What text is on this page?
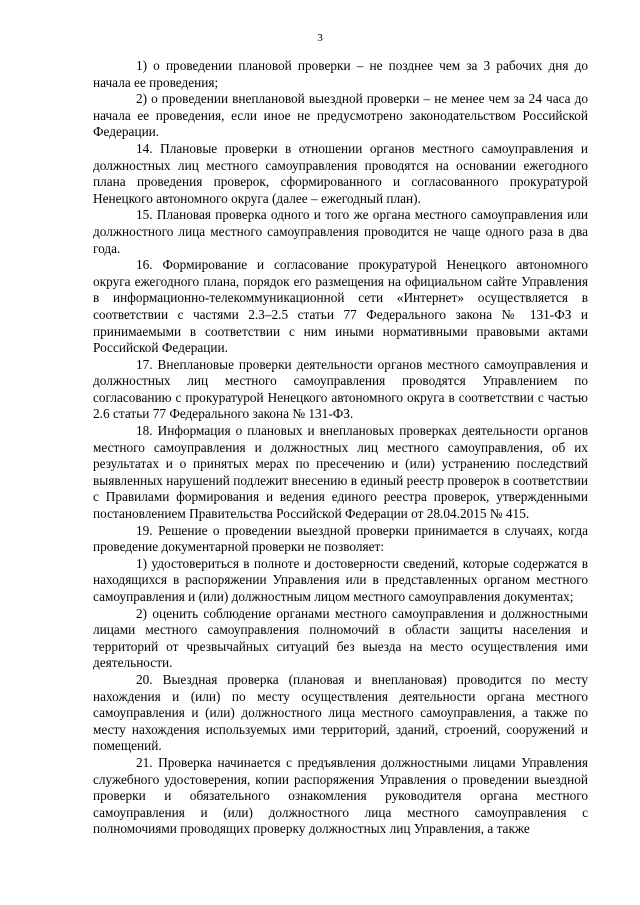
3

1) о проведении плановой проверки – не позднее чем за 3 рабочих дня до начала ее проведения;

2) о проведении внеплановой выездной проверки – не менее чем за 24 часа до начала ее проведения, если иное не предусмотрено законодательством Российской Федерации.

14. Плановые проверки в отношении органов местного самоуправления и должностных лиц местного самоуправления проводятся на основании ежегодного плана проведения проверок, сформированного и согласованного прокуратурой Ненецкого автономного округа (далее – ежегодный план).

15. Плановая проверка одного и того же органа местного самоуправления или должностного лица местного самоуправления проводится не чаще одного раза в два года.

16. Формирование и согласование прокуратурой Ненецкого автономного округа ежегодного плана, порядок его размещения на официальном сайте Управления в информационно-телекоммуникационной сети «Интернет» осуществляется в соответствии с частями 2.3–2.5 статьи 77 Федерального закона № 131-ФЗ и принимаемыми в соответствии с ним иными нормативными правовыми актами Российской Федерации.

17. Внеплановые проверки деятельности органов местного самоуправления и должностных лиц местного самоуправления проводятся Управлением по согласованию с прокуратурой Ненецкого автономного округа в соответствии с частью 2.6 статьи 77 Федерального закона № 131-ФЗ.

18. Информация о плановых и внеплановых проверках деятельности органов местного самоуправления и должностных лиц местного самоуправления, об их результатах и о принятых мерах по пресечению и (или) устранению последствий выявленных нарушений подлежит внесению в единый реестр проверок в соответствии с Правилами формирования и ведения единого реестра проверок, утвержденными постановлением Правительства Российской Федерации от 28.04.2015 № 415.

19. Решение о проведении выездной проверки принимается в случаях, когда проведение документарной проверки не позволяет:

1) удостовериться в полноте и достоверности сведений, которые содержатся в находящихся в распоряжении Управления или в представленных органом местного самоуправления и (или) должностным лицом местного самоуправления документах;

2) оценить соблюдение органами местного самоуправления и должностными лицами местного самоуправления полномочий в области защиты населения и территорий от чрезвычайных ситуаций без выезда на место осуществления ими деятельности.

20. Выездная проверка (плановая и внеплановая) проводится по месту нахождения и (или) по месту осуществления деятельности органа местного самоуправления и (или) должностного лица местного самоуправления, а также по месту нахождения используемых ими территорий, зданий, строений, сооружений и помещений.

21. Проверка начинается с предъявления должностными лицами Управления служебного удостоверения, копии распоряжения Управления о проведении выездной проверки и обязательного ознакомления руководителя органа местного самоуправления и (или) должностного лица местного самоуправления с полномочиями проводящих проверку должностных лиц Управления, а также
